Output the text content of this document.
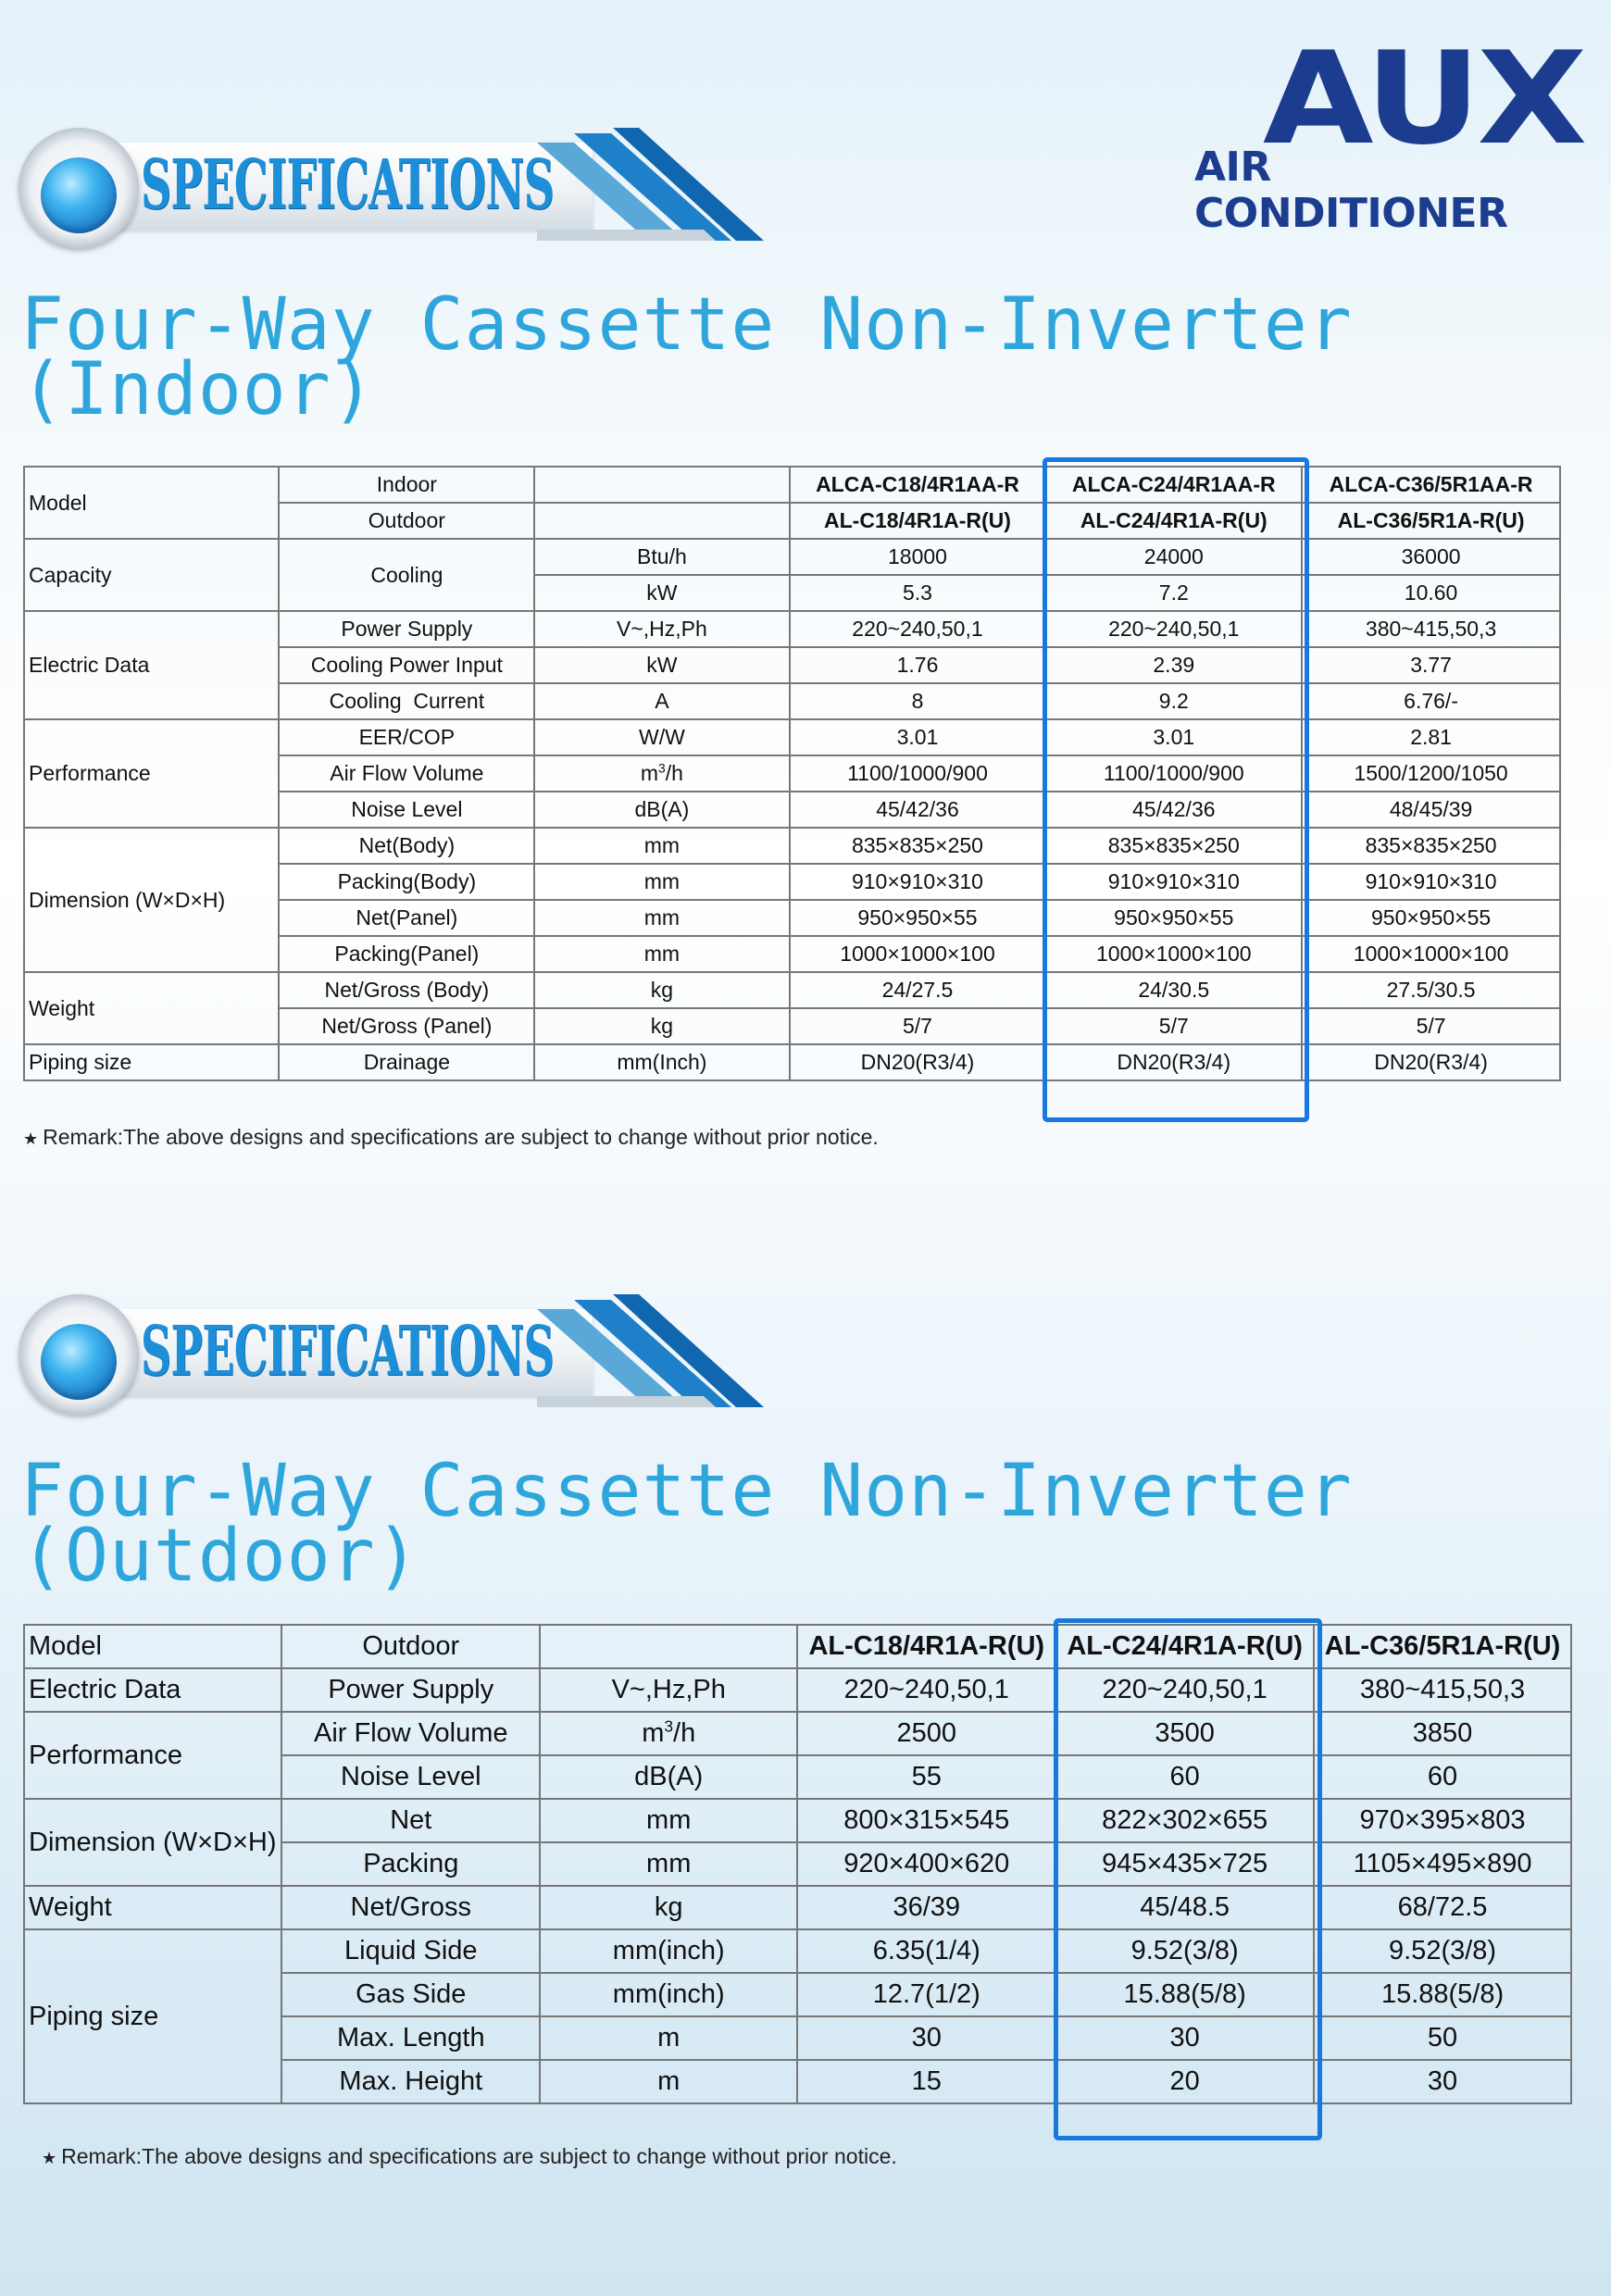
AUX
AIR CONDITIONER
SPECIFICATIONS
Four-Way Cassette Non-Inverter
(Indoor)
Model	Indoor		ALCA-C18/4R1AA-R	ALCA-C24/4R1AA-R	ALCA-C36/5R1AA-R
	Outdoor		AL-C18/4R1A-R(U)	AL-C24/4R1A-R(U)	AL-C36/5R1A-R(U)
Capacity	Cooling	Btu/h	18000	24000	36000
		kW	5.3	7.2	10.60
Electric Data	Power Supply	V~,Hz,Ph	220~240,50,1	220~240,50,1	380~415,50,3
	Cooling Power Input	kW	1.76	2.39	3.77
	Cooling  Current	A	8	9.2	6.76/-
Performance	EER/COP	W/W	3.01	3.01	2.81
	Air Flow Volume	$m^3/h$	1100/1000/900	1100/1000/900	1500/1200/1050
	Noise Level	dB(A)	45/42/36	45/42/36	48/45/39
Dimension (W×D×H)	Net(Body)	mm	835×835×250	835×835×250	835×835×250
	Packing(Body)	mm	910×910×310	910×910×310	910×910×310
	Net(Panel)	mm	950×950×55	950×950×55	950×950×55
	Packing(Panel)	mm	1000×1000×100	1000×1000×100	1000×1000×100
Weight	Net/Gross (Body)	kg	24/27.5	24/30.5	27.5/30.5
	Net/Gross (Panel)	kg	5/7	5/7	5/7
Piping size	Drainage	mm(Inch)	DN20(R3/4)	DN20(R3/4)	DN20(R3/4)
★ Remark:The above designs and specifications are subject to change without prior notice.
SPECIFICATIONS
Four-Way Cassette Non-Inverter
(Outdoor)
Model	Outdoor		AL-C18/4R1A-R(U)	AL-C24/4R1A-R(U)	AL-C36/5R1A-R(U)
Electric Data	Power Supply	V~,Hz,Ph	220~240,50,1	220~240,50,1	380~415,50,3
Performance	Air Flow Volume	$m^3/h$	2500	3500	3850
	Noise Level	dB(A)	55	60	60
Dimension (W×D×H)	Net	mm	800×315×545	822×302×655	970×395×803
	Packing	mm	920×400×620	945×435×725	1105×495×890
Weight	Net/Gross	kg	36/39	45/48.5	68/72.5
Piping size	Liquid Side	mm(inch)	6.35(1/4)	9.52(3/8)	9.52(3/8)
	Gas Side	mm(inch)	12.7(1/2)	15.88(5/8)	15.88(5/8)
	Max. Length	m	30	30	50
	Max. Height	m	15	20	30
★ Remark:The above designs and specifications are subject to change without prior notice.
